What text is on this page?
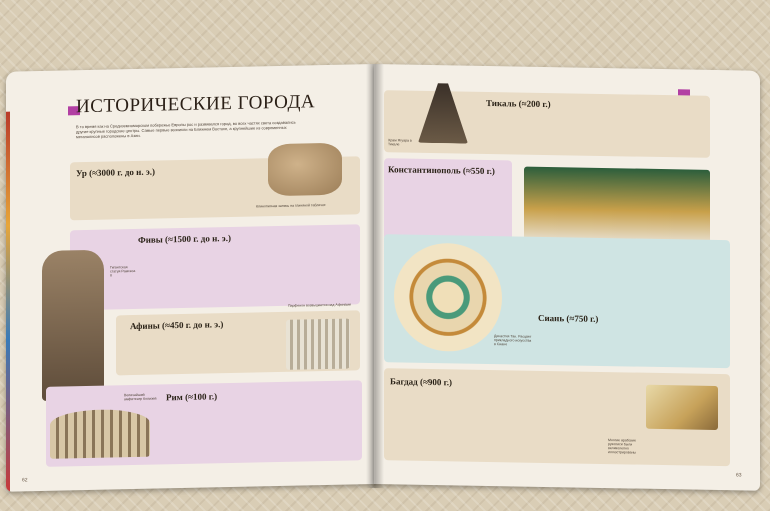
ИСТОРИЧЕСКИЕ ГОРОДА
В то время как на Средиземноморском побережье Европы рос и развивался город, во всех частях света создавались другие крупные городские центры. Самые первые возникли на Ближнем Востоке, а крупнейшие из современных мегаполисов расположены в Азии.
Ур (≈3000 г. до н. э.)
Клинописная запись на глиняной табличке
Фивы (≈1500 г. до н. э.)
Гигантская статуя Рамсеса II
Афины (≈450 г. до н. э.)
Парфенон возвышается над Афинами
Рим (≈100 г.)
Величайший амфитеатр Колизей
62
Тикаль (≈200 г.)
Храм Ягуара в Тикале
Константинополь (≈550 г.)
Сиань (≈750 г.)
Династия Тан. Расцвет прикладного искусства в Сиане
Багдад (≈900 г.)
Многие арабские рукописи были великолепно иллюстрированы
63
